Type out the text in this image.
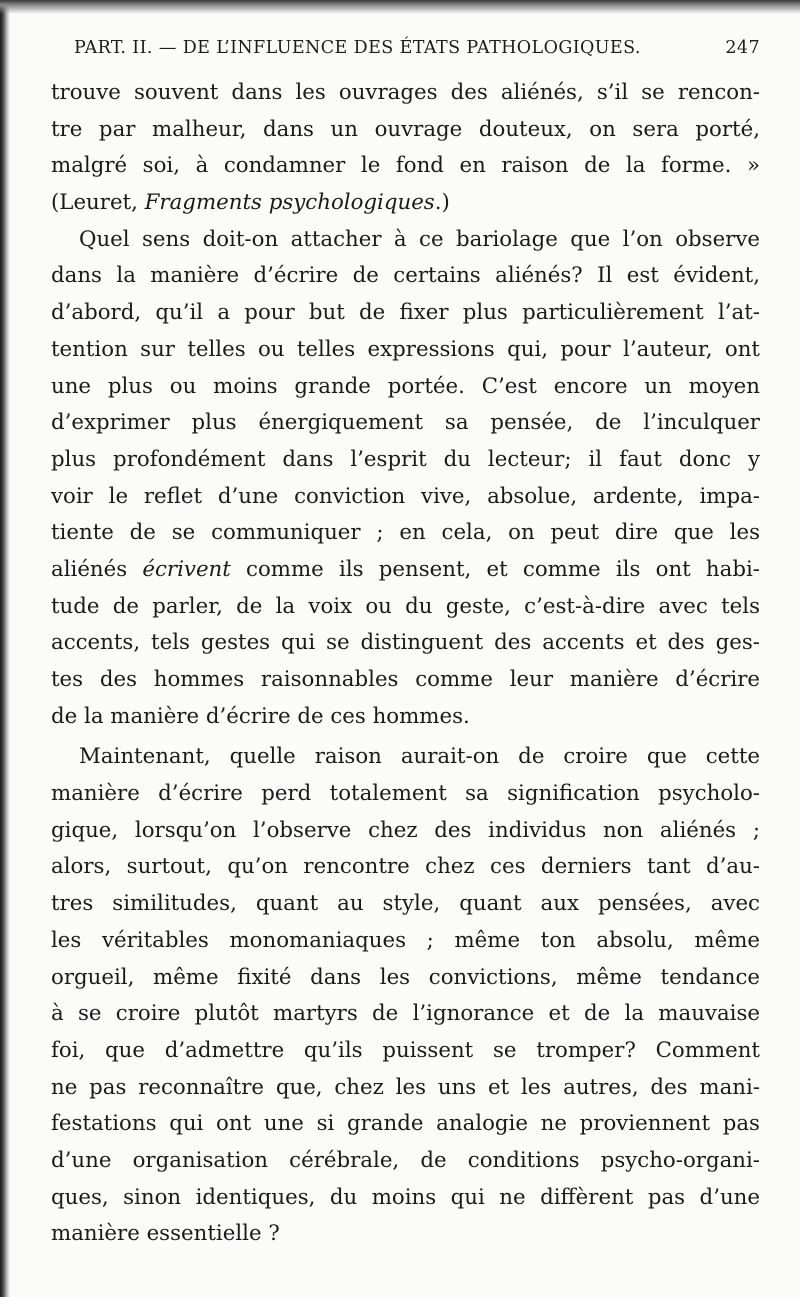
PART. II. — DE L’INFLUENCE DES ÉTATS PATHOLOGIQUES.	247
trouve souvent dans les ouvrages des aliénés, s’il se rencon-
tre par malheur, dans un ouvrage douteux, on sera porté,
malgré soi, à condamner le fond en raison de la forme. »
(Leuret, Fragments psychologiques.)
Quel sens doit-on attacher à ce bariolage que l’on observe
dans la manière d’écrire de certains aliénés? Il est évident,
d’abord, qu’il a pour but de fixer plus particulièrement l’at-
tention sur telles ou telles expressions qui, pour l’auteur, ont
une plus ou moins grande portée. C’est encore un moyen
d’exprimer plus énergiquement sa pensée, de l’inculquer
plus profondément dans l’esprit du lecteur; il faut donc y
voir le reflet d’une conviction vive, absolue, ardente, impa-
tiente de se communiquer ; en cela, on peut dire que les
aliénés écrivent comme ils pensent, et comme ils ont habi-
tude de parler, de la voix ou du geste, c’est-à-dire avec tels
accents, tels gestes qui se distinguent des accents et des ges-
tes des hommes raisonnables comme leur manière d’écrire
de la manière d’écrire de ces hommes.
Maintenant, quelle raison aurait-on de croire que cette
manière d’écrire perd totalement sa signification psycholo-
gique, lorsqu’on l’observe chez des individus non aliénés ;
alors, surtout, qu’on rencontre chez ces derniers tant d’au-
tres similitudes, quant au style, quant aux pensées, avec
les véritables monomaniaques ; même ton absolu, même
orgueil, même fixité dans les convictions, même tendance
à se croire plutôt martyrs de l’ignorance et de la mauvaise
foi, que d’admettre qu’ils puissent se tromper? Comment
ne pas reconnaître que, chez les uns et les autres, des mani-
festations qui ont une si grande analogie ne proviennent pas
d’une organisation cérébrale, de conditions psycho-organi-
ques, sinon identiques, du moins qui ne diffèrent pas d’une
manière essentielle ?
